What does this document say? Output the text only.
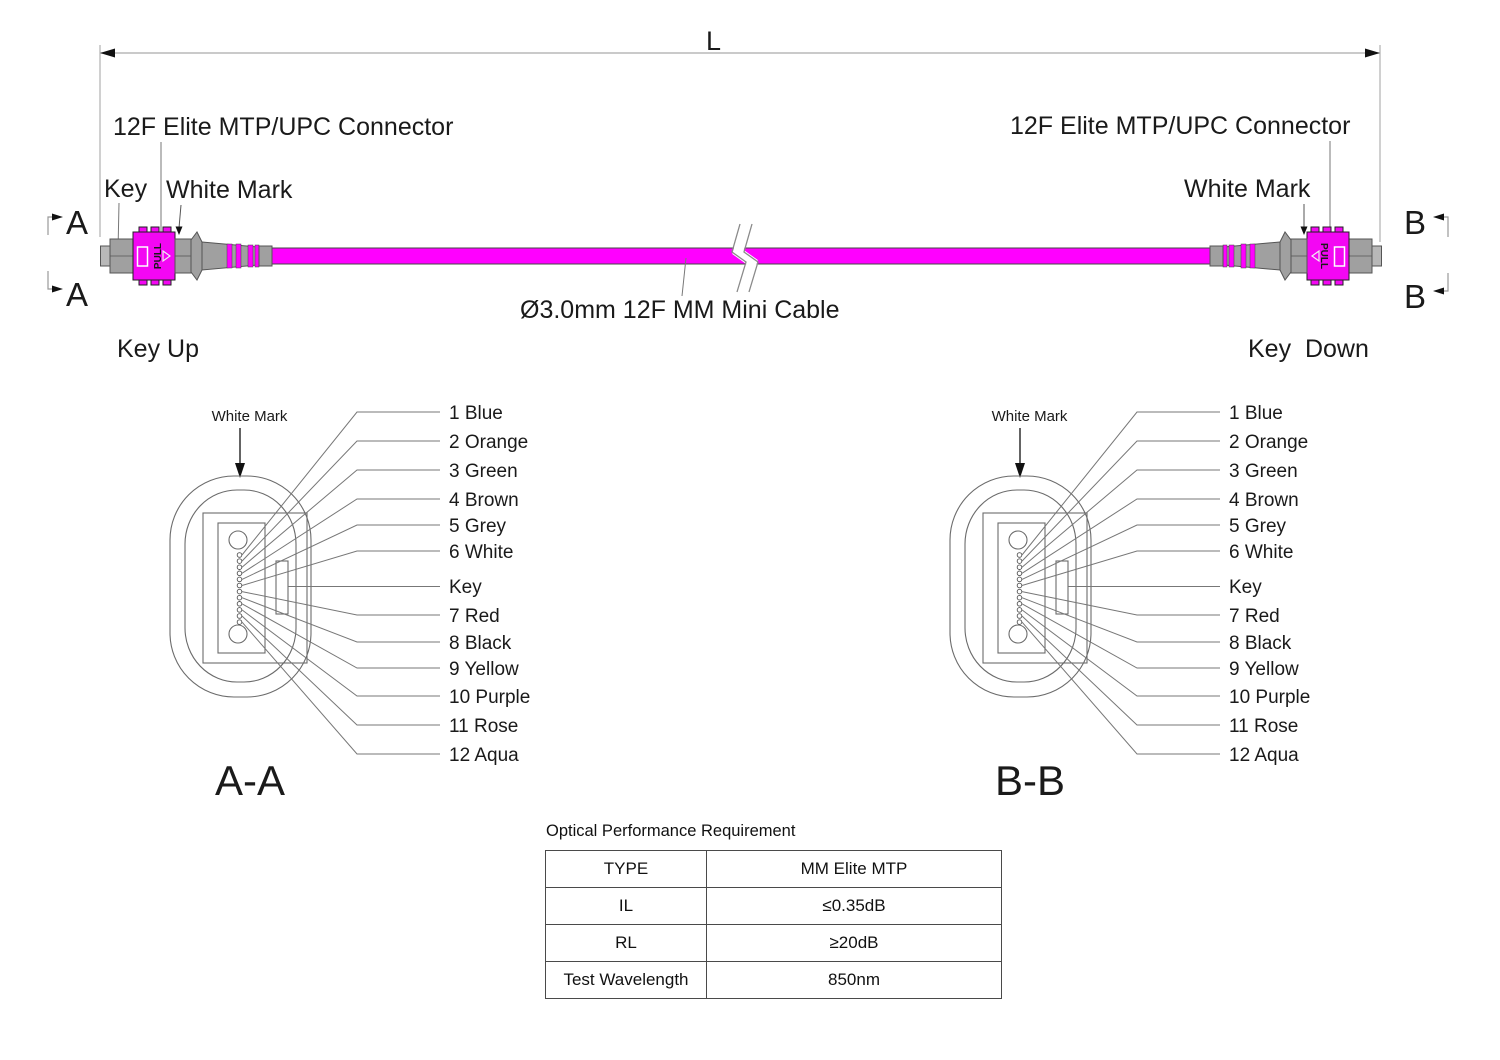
L
12F Elite MTP/UPC Connector
Key White Mark
12F Elite MTP/UPC Connector
White Mark
A
A
B
B
Ø3.0mm 12F MM Mini Cable
Key Up	Key  Down
PULL	PULL
White Mark	1 Blue
2 Orange
3 Green
4 Brown
5 Grey
6 White
Key
7 Red
8 Black
9 Yellow
10 Purple
11 Rose
12 Aqua
A-A
Optical Performance Requirement
TYPE	MM Elite MTP
IL	≤0.35dB
RL	≥20dB
Test Wavelength	850nm
White Mark	1 Blue
2 Orange
3 Green
4 Brown
5 Grey
6 White
Key
7 Red
8 Black
9 Yellow
10 Purple
11 Rose
12 Aqua
B-B
